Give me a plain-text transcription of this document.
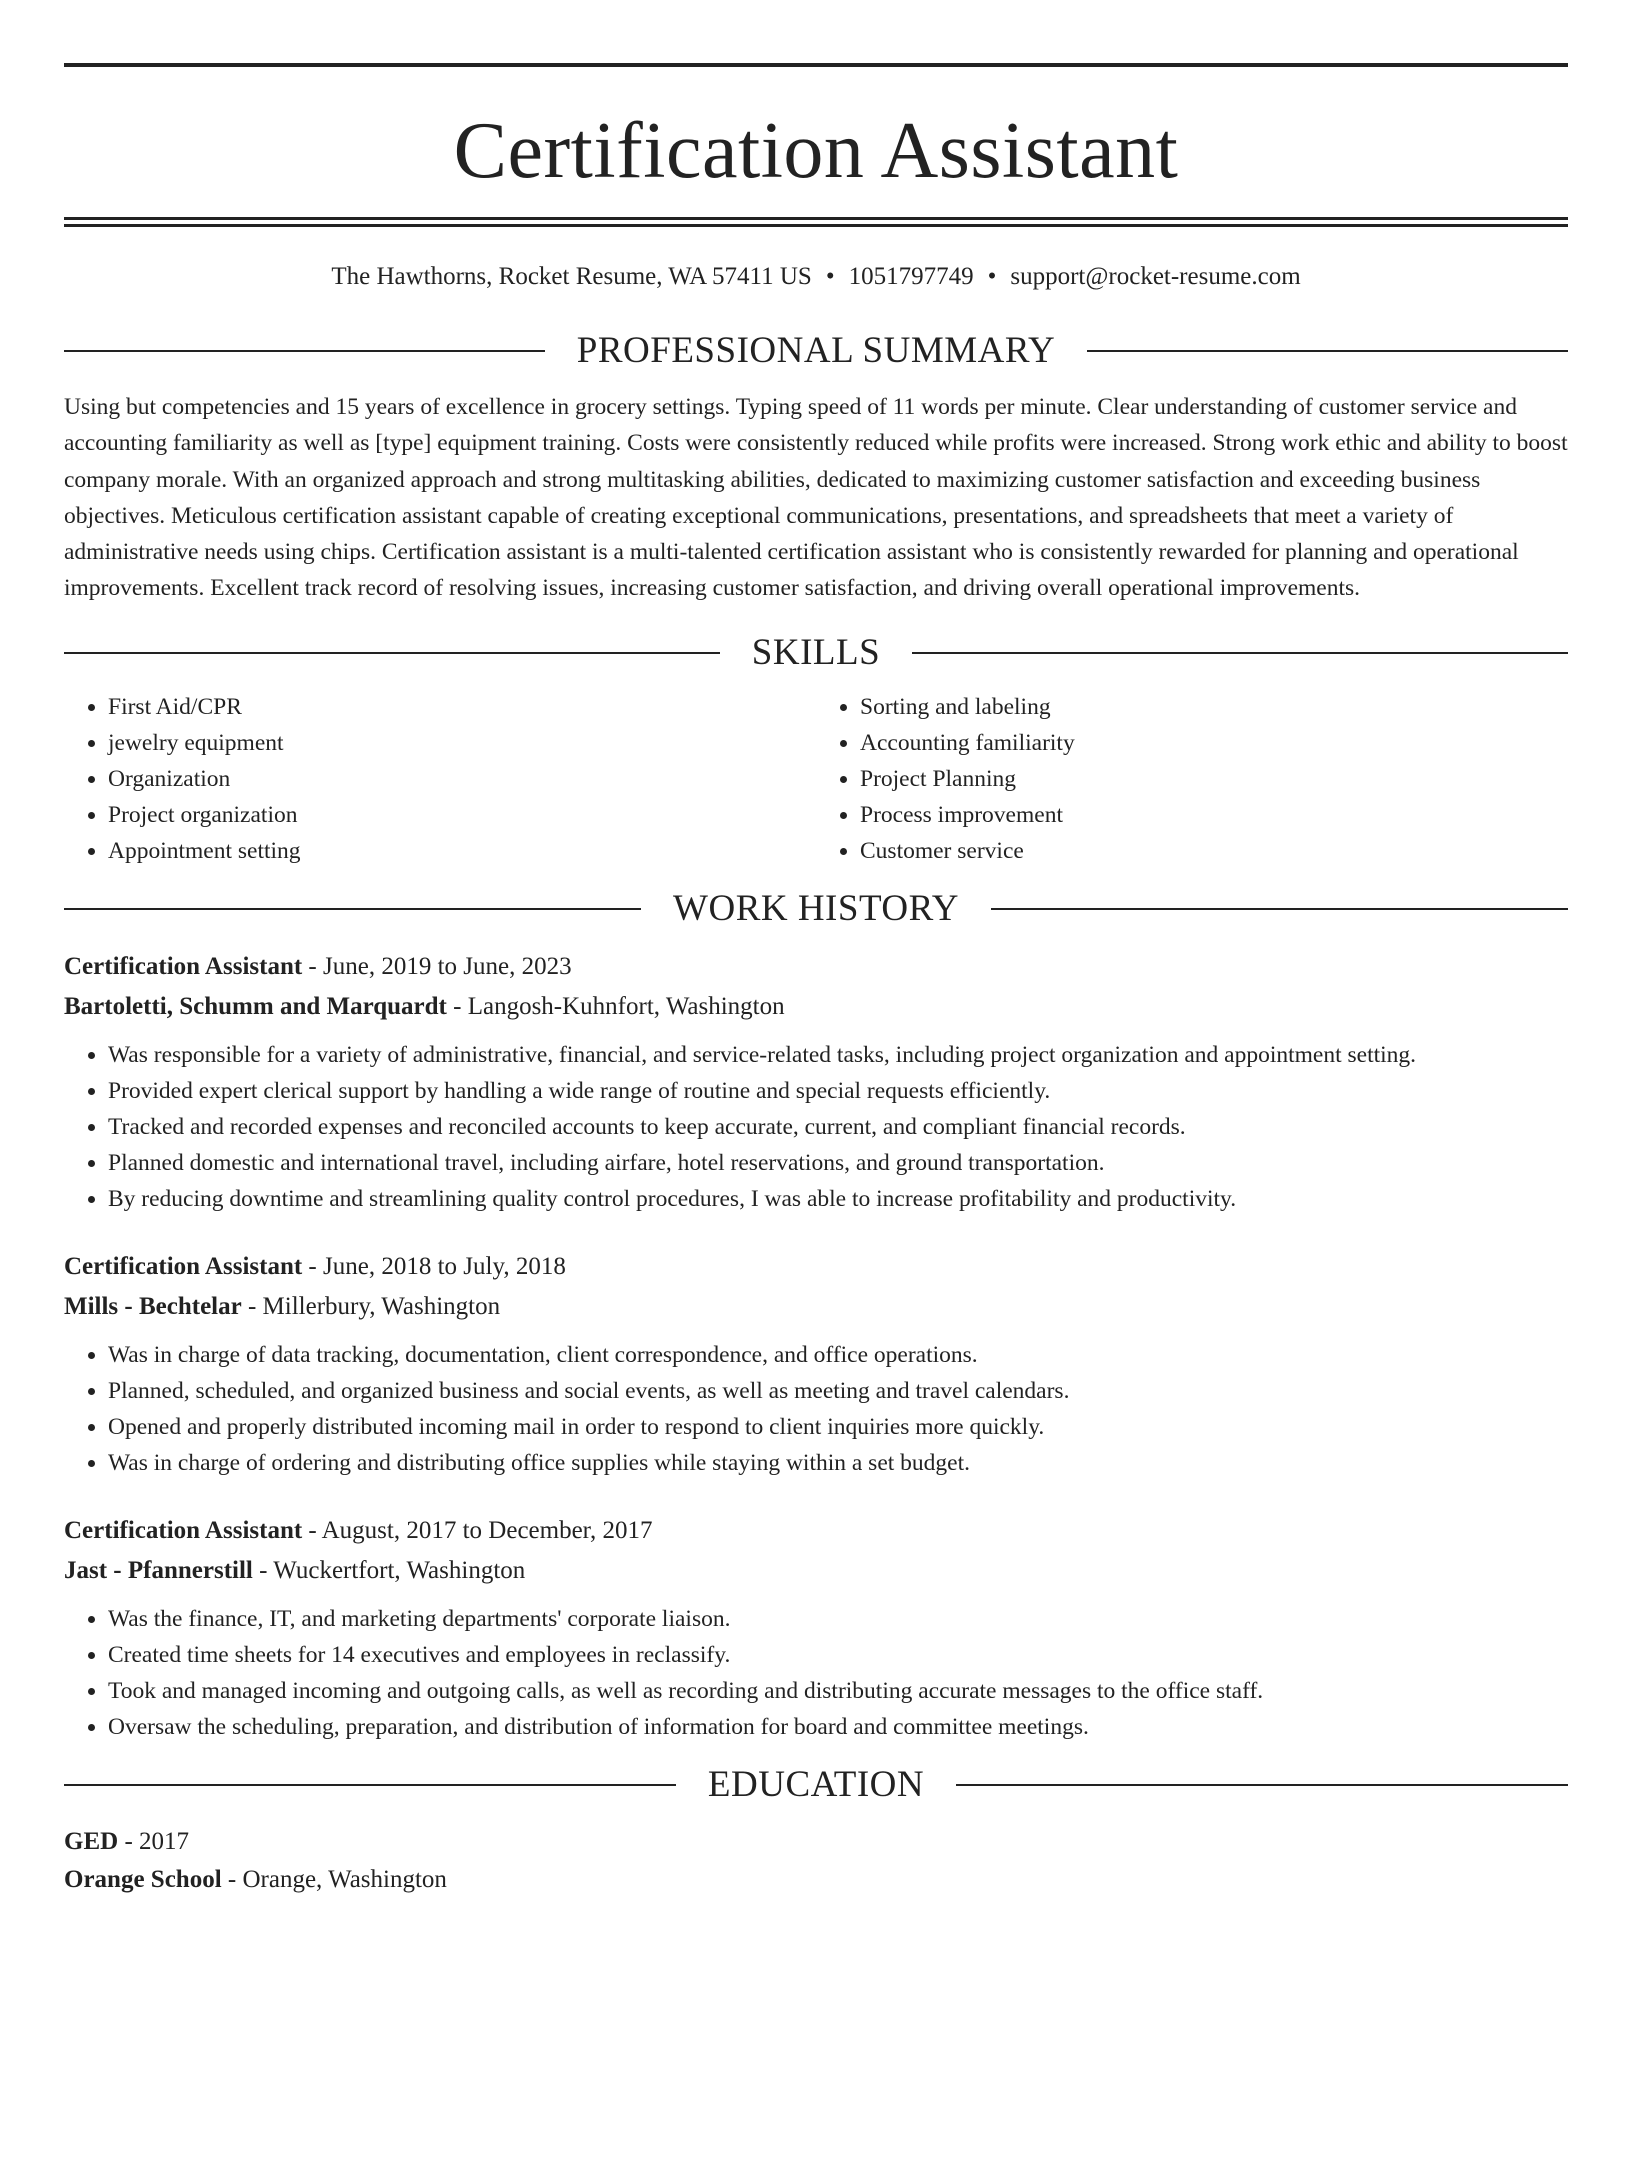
Certification Assistant
The Hawthorns, Rocket Resume, WA 57411 US • 1051797749 • support@rocket-resume.com
PROFESSIONAL SUMMARY

Using but competencies and 15 years of excellence in grocery settings. Typing speed of 11 words per minute. Clear understanding of customer service and accounting familiarity as well as [type] equipment training. Costs were consistently reduced while profits were increased. Strong work ethic and ability to boost company morale. With an organized approach and strong multitasking abilities, dedicated to maximizing customer satisfaction and exceeding business objectives. Meticulous certification assistant capable of creating exceptional communications, presentations, and spreadsheets that meet a variety of administrative needs using chips. Certification assistant is a multi-talented certification assistant who is consistently rewarded for planning and operational improvements. Excellent track record of resolving issues, increasing customer satisfaction, and driving overall operational improvements.

SKILLS
• First Aid/CPR
• jewelry equipment
• Organization
• Project organization
• Appointment setting
• Sorting and labeling
• Accounting familiarity
• Project Planning
• Process improvement
• Customer service
WORK HISTORY
Certification Assistant - June, 2019 to June, 2023
Bartoletti, Schumm and Marquardt - Langosh-Kuhnfort, Washington
• Was responsible for a variety of administrative, financial, and service-related tasks, including project organization and appointment setting.
• Provided expert clerical support by handling a wide range of routine and special requests efficiently.
• Tracked and recorded expenses and reconciled accounts to keep accurate, current, and compliant financial records.
• Planned domestic and international travel, including airfare, hotel reservations, and ground transportation.
• By reducing downtime and streamlining quality control procedures, I was able to increase profitability and productivity.
Certification Assistant - June, 2018 to July, 2018
Mills - Bechtelar - Millerbury, Washington
• Was in charge of data tracking, documentation, client correspondence, and office operations.
• Planned, scheduled, and organized business and social events, as well as meeting and travel calendars.
• Opened and properly distributed incoming mail in order to respond to client inquiries more quickly.
• Was in charge of ordering and distributing office supplies while staying within a set budget.
Certification Assistant - August, 2017 to December, 2017
Jast - Pfannerstill - Wuckertfort, Washington
• Was the finance, IT, and marketing departments' corporate liaison.
• Created time sheets for 14 executives and employees in reclassify.
• Took and managed incoming and outgoing calls, as well as recording and distributing accurate messages to the office staff.
• Oversaw the scheduling, preparation, and distribution of information for board and committee meetings.
EDUCATION
GED - 2017
Orange School - Orange, Washington
